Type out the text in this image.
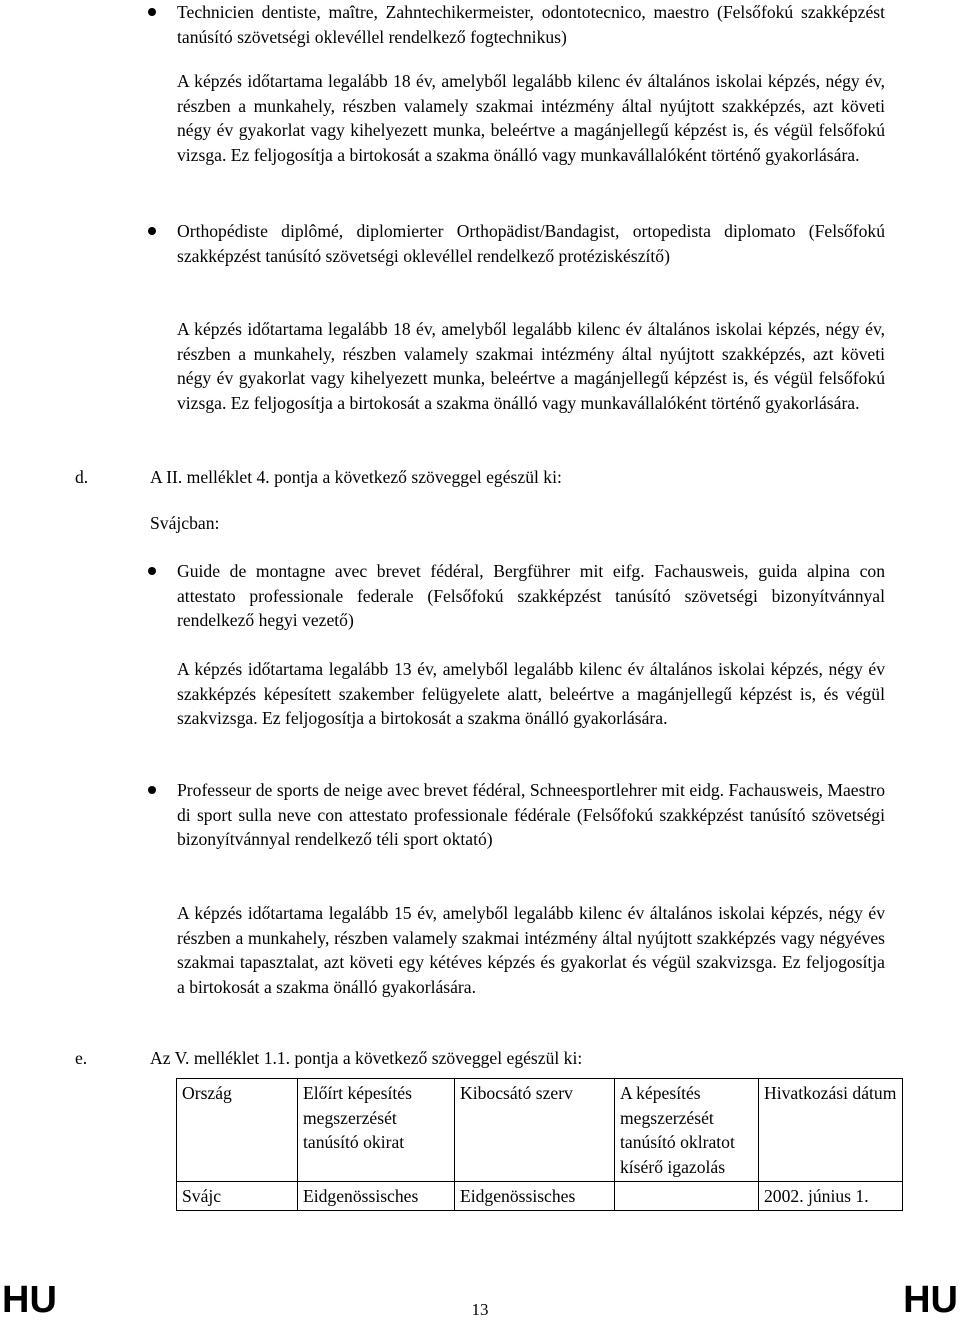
Technicien dentiste, maître, Zahntechikermeister, odontotecnico, maestro (Felsőfokú szakképzést tanúsító szövetségi oklevéllel rendelkező fogtechnikus)

A képzés időtartama legalább 18 év, amelyből legalább kilenc év általános iskolai képzés, négy év, részben a munkahely, részben valamely szakmai intézmény által nyújtott szakképzés, azt követi négy év gyakorlat vagy kihelyezett munka, beleértve a magánjellegű képzést is, és végül felsőfokú vizsga. Ez feljogosítja a birtokosát a szakma önálló vagy munkavállalóként történő gyakorlására.

Orthopédiste diplômé, diplomierter Orthopädist/Bandagist, ortopedista diplomato (Felsőfokú szakképzést tanúsító szövetségi oklevéllel rendelkező protéziskészítő)

A képzés időtartama legalább 18 év, amelyből legalább kilenc év általános iskolai képzés, négy év, részben a munkahely, részben valamely szakmai intézmény által nyújtott szakképzés, azt követi négy év gyakorlat vagy kihelyezett munka, beleértve a magánjellegű képzést is, és végül felsőfokú vizsga. Ez feljogosítja a birtokosát a szakma önálló vagy munkavállalóként történő gyakorlására.

d.	A II. melléklet 4. pontja a következő szöveggel egészül ki:

Svájcban:

Guide de montagne avec brevet fédéral, Bergführer mit eifg. Fachausweis, guida alpina con attestato professionale federale (Felsőfokú szakképzést tanúsító szövetségi bizonyítvánnyal rendelkező hegyi vezető)

A képzés időtartama legalább 13 év, amelyből legalább kilenc év általános iskolai képzés, négy év szakképzés képesített szakember felügyelete alatt, beleértve a magánjellegű képzést is, és végül szakvizsga. Ez feljogosítja a birtokosát a szakma önálló gyakorlására.

Professeur de sports de neige avec brevet fédéral, Schneesportlehrer mit eidg. Fachausweis, Maestro di sport sulla neve con attestato professionale fédérale (Felsőfokú szakképzést tanúsító szövetségi bizonyítvánnyal rendelkező téli sport oktató)

A képzés időtartama legalább 15 év, amelyből legalább kilenc év általános iskolai képzés, négy év részben a munkahely, részben valamely szakmai intézmény által nyújtott szakképzés vagy négyéves szakmai tapasztalat, azt követi egy kétéves képzés és gyakorlat és végül szakvizsga. Ez feljogosítja a birtokosát a szakma önálló gyakorlására.

e.	Az V. melléklet 1.1. pontja a következő szöveggel egészül ki:

Ország	Előírt képesítés megszerzését tanúsító okirat	Kibocsátó szerv	A képesítés megszerzését tanúsító oklratot kísérő igazolás	Hivatkozási dátum
Svájc	Eidgenössisches	Eidgenössisches		2002. június 1.
HU	13	HU
